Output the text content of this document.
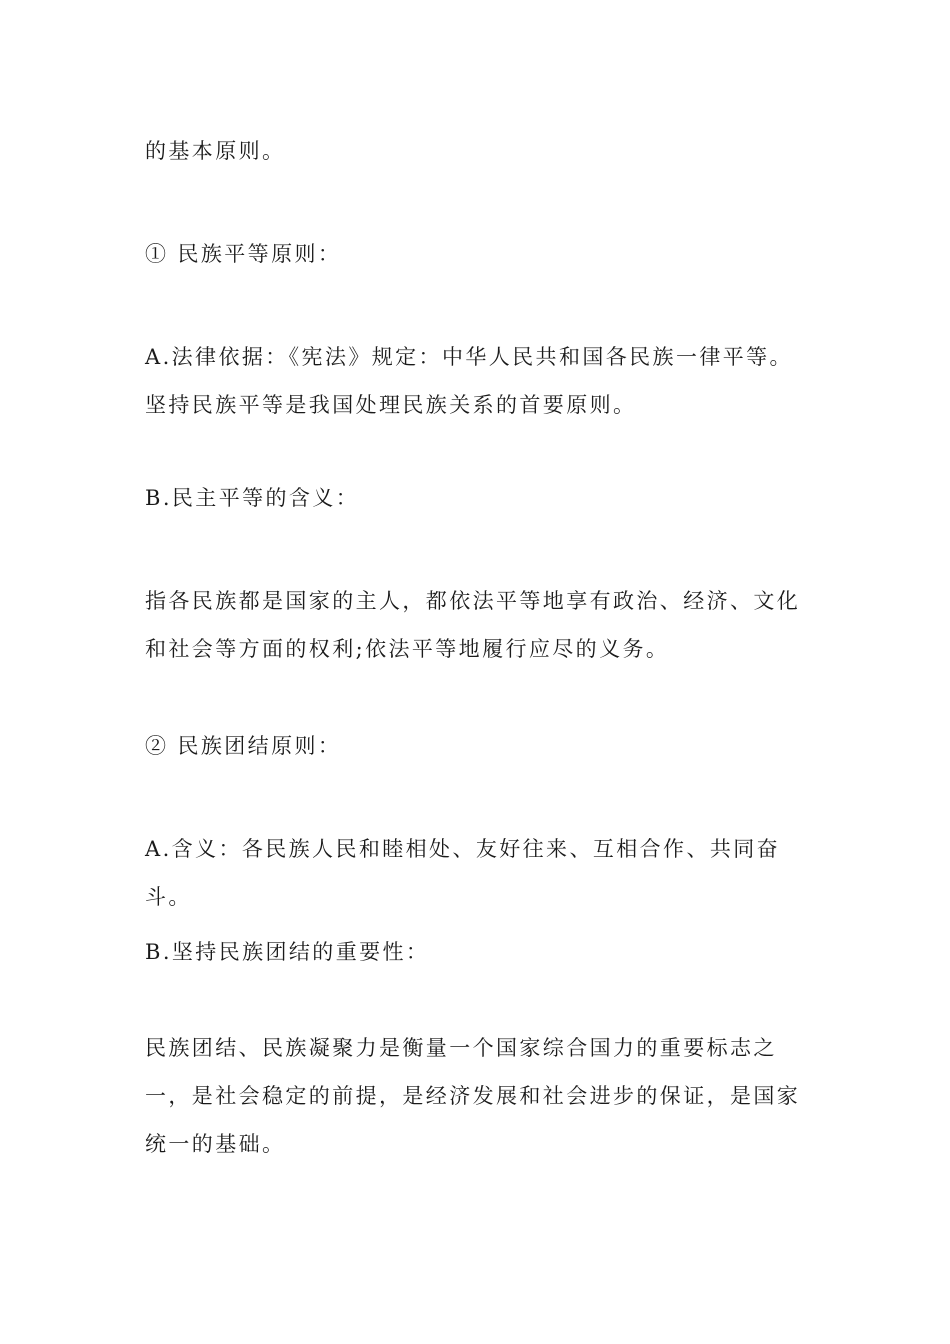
的基本原则。

① 民族平等原则：

A.法律依据：《宪法》规定：中华人民共和国各民族一律平等。坚持民族平等是我国处理民族关系的首要原则。

B.民主平等的含义：

指各民族都是国家的主人，都依法平等地享有政治、经济、文化和社会等方面的权利;依法平等地履行应尽的义务。

② 民族团结原则：

A.含义：各民族人民和睦相处、友好往来、互相合作、共同奋斗。

B.坚持民族团结的重要性：

民族团结、民族凝聚力是衡量一个国家综合国力的重要标志之一，是社会稳定的前提，是经济发展和社会进步的保证，是国家统一的基础。
